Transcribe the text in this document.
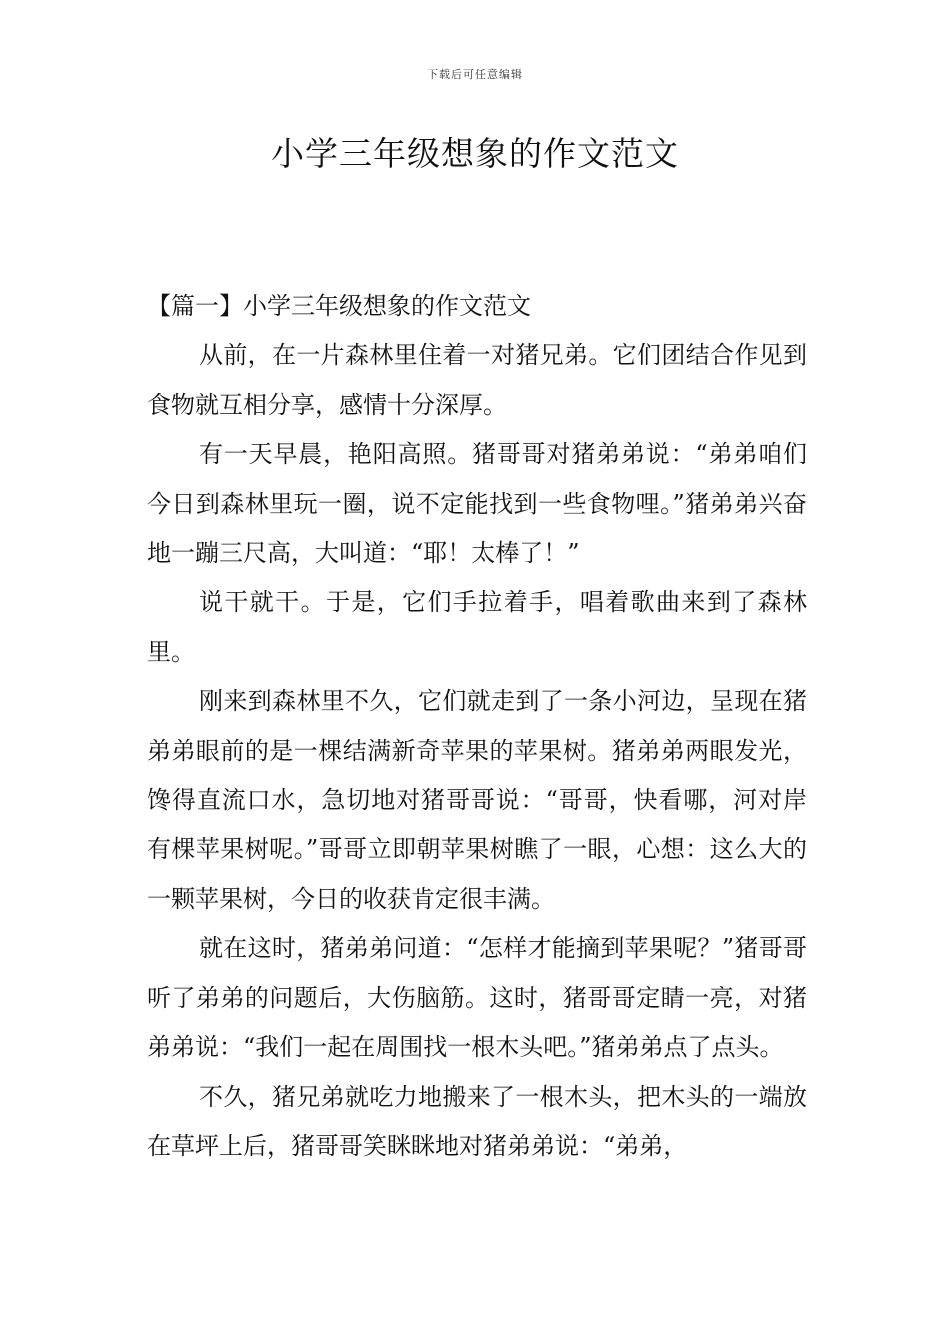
下载后可任意编辑
小学三年级想象的作文范文

【篇一】小学三年级想象的作文范文

从前，在一片森林里住着一对猪兄弟。它们团结合作见到食物就互相分享，感情十分深厚。

有一天早晨，艳阳高照。猪哥哥对猪弟弟说：“弟弟咱们今日到森林里玩一圈，说不定能找到一些食物哩。”猪弟弟兴奋地一蹦三尺高，大叫道：“耶！太棒了！”

说干就干。于是，它们手拉着手，唱着歌曲来到了森林里。

刚来到森林里不久，它们就走到了一条小河边，呈现在猪弟弟眼前的是一棵结满新奇苹果的苹果树。猪弟弟两眼发光，馋得直流口水，急切地对猪哥哥说：“哥哥，快看哪，河对岸有棵苹果树呢。”哥哥立即朝苹果树瞧了一眼，心想：这么大的一颗苹果树，今日的收获肯定很丰满。

就在这时，猪弟弟问道：“怎样才能摘到苹果呢？”猪哥哥听了弟弟的问题后，大伤脑筋。这时，猪哥哥定睛一亮，对猪弟弟说：“我们一起在周围找一根木头吧。”猪弟弟点了点头。

不久，猪兄弟就吃力地搬来了一根木头，把木头的一端放在草坪上后，猪哥哥笑眯眯地对猪弟弟说：“弟弟，
